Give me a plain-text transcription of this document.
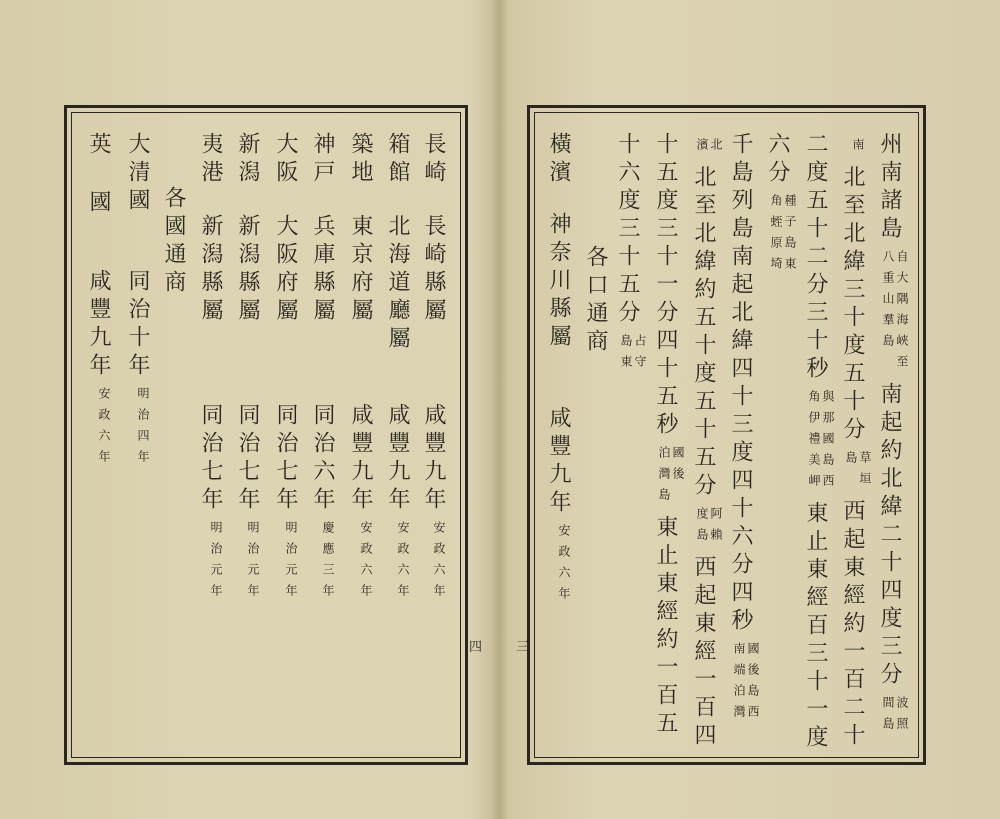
長崎
長崎縣屬
咸豐九年
安政六年
箱館
北海道廳屬
咸豐九年
安政六年
築地
東京府屬
咸豐九年
安政六年
神戸
兵庫縣屬
同治六年
慶應三年
大阪
大阪府屬
同治七年
明治元年
新潟
新潟縣屬
同治七年
明治元年
夷港
新潟縣屬
同治七年
明治元年
各國通商
大清國
同治十年
明治四年
英
國
咸豐九年
安政六年
州南諸島
自大隅海峽至
八重山羣島
南起約北緯二十四度三分
波照
間島
南
北至北緯三十度五十分
草垣
島
西起東經約一百二十
二度五十二分三十秒
與那國島西
角伊禮美岬
東止東經百三十一度
六分
種子島東
角蛭原埼
千島列島南起北緯四十三度四十六分四秒
國後島西
南端泊灣
北
濱
北至北緯約五十度五十五分
阿賴
度島
西起東經一百四
十五度三十一分四十五秒
國後
泊灣島
東止東經約一百五
十六度三十五分
占守
島東
各口通商
橫濱
神奈川縣屬
咸豐九年
安政六年
四	三
